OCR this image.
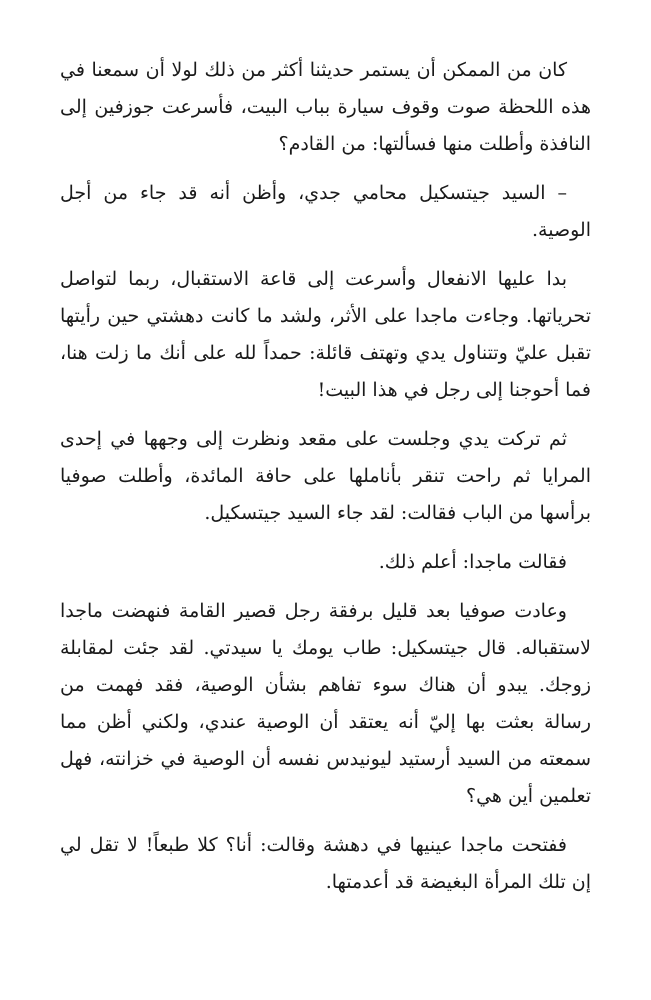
كان من الممكن أن يستمر حديثنا أكثر من ذلك لولا أن سمعنا في هذه اللحظة صوت وقوف سيارة بباب البيت، فأسرعت جوزفين إلى النافذة وأطلت منها فسألتها: من القادم؟

– السيد جيتسكيل محامي جدي، وأظن أنه قد جاء من أجل الوصية.

بدا عليها الانفعال وأسرعت إلى قاعة الاستقبال، ربما لتواصل تحرياتها. وجاءت ماجدا على الأثر، ولشد ما كانت دهشتي حين رأيتها تقبل عليّ وتتناول يدي وتهتف قائلة: حمداً لله على أنك ما زلت هنا، فما أحوجنا إلى رجل في هذا البيت!

ثم تركت يدي وجلست على مقعد ونظرت إلى وجهها في إحدى المرايا ثم راحت تنقر بأناملها على حافة المائدة، وأطلت صوفيا برأسها من الباب فقالت: لقد جاء السيد جيتسكيل.

فقالت ماجدا: أعلم ذلك.

وعادت صوفيا بعد قليل برفقة رجل قصير القامة فنهضت ماجدا لاستقباله. قال جيتسكيل: طاب يومك يا سيدتي. لقد جئت لمقابلة زوجك. يبدو أن هناك سوء تفاهم بشأن الوصية، فقد فهمت من رسالة بعثت بها إليّ أنه يعتقد أن الوصية عندي، ولكني أظن مما سمعته من السيد أرستيد ليونيدس نفسه أن الوصية في خزانته، فهل تعلمين أين هي؟

ففتحت ماجدا عينيها في دهشة وقالت: أنا؟ كلا طبعاً! لا تقل لي إن تلك المرأة البغيضة قد أعدمتها.
